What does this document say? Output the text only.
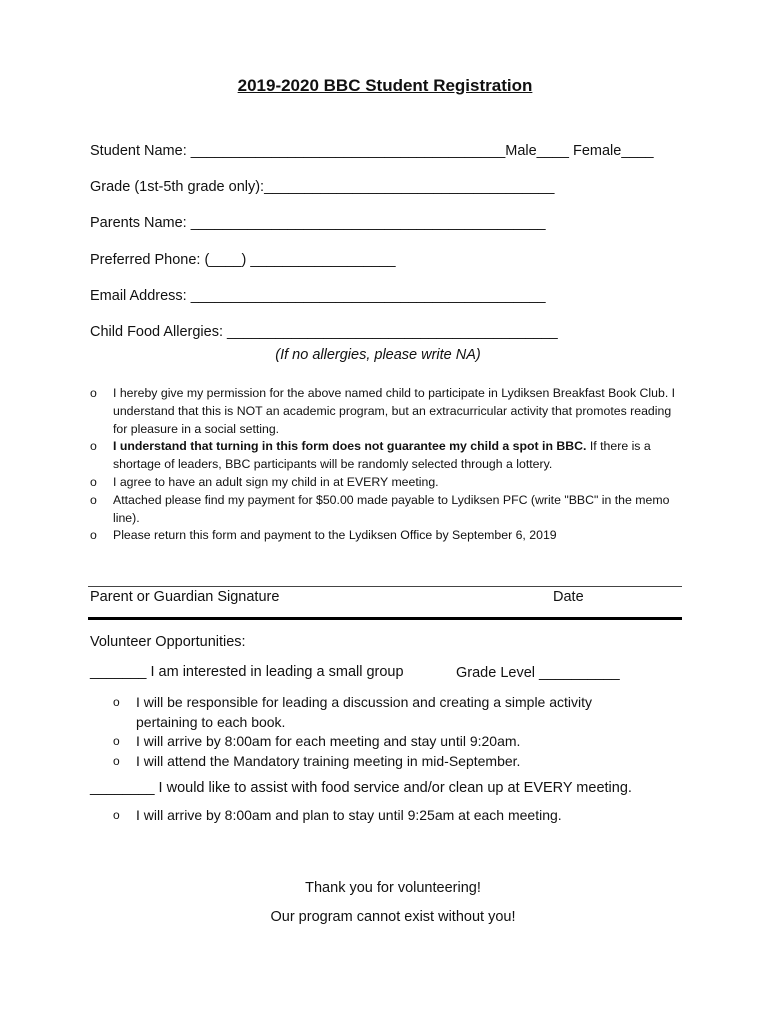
2019-2020 BBC Student Registration
Student Name: _______________________________________Male____ Female____
Grade (1st-5th grade only):____________________________________
Parents Name: ____________________________________________
Preferred Phone: (____) __________________
Email Address: ____________________________________________
Child Food Allergies: _________________________________________
(If no allergies, please write NA)
o I hereby give my permission for the above named child to participate in Lydiksen Breakfast Book Club. I understand that this is NOT an academic program, but an extracurricular activity that promotes reading for pleasure in a social setting.
o I understand that turning in this form does not guarantee my child a spot in BBC. If there is a shortage of leaders, BBC participants will be randomly selected through a lottery.
o I agree to have an adult sign my child in at EVERY meeting.
o Attached please find my payment for $50.00 made payable to Lydiksen PFC (write "BBC" in the memo line).
o Please return this form and payment to the Lydiksen Office by September 6, 2019
Parent or Guardian Signature	Date
Volunteer Opportunities:
_______ I am interested in leading a small group	Grade Level __________
o I will be responsible for leading a discussion and creating a simple activity pertaining to each book.
o I will arrive by 8:00am for each meeting and stay until 9:20am.
o I will attend the Mandatory training meeting in mid-September.
________ I would like to assist with food service and/or clean up at EVERY meeting.
o I will arrive by 8:00am and plan to stay until 9:25am at each meeting.
Thank you for volunteering!
Our program cannot exist without you!
